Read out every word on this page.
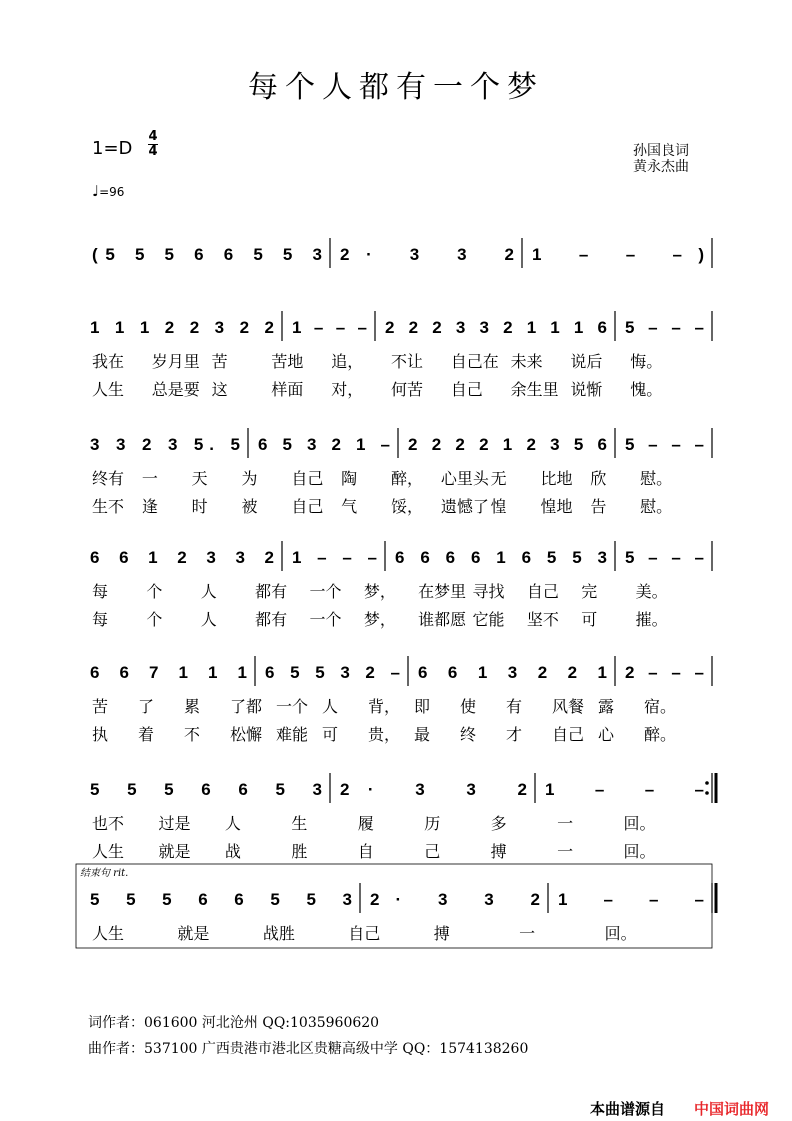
每个人都有一个梦
1=D
4
4
♩=96
孙国良词
黄永杰曲
(5 5 5 6 6 5 5 3 2· 3 3 2 1 – – –)
1 1 1 2 2 3 2 2 1 – – – 2 2 2 3 3 2 1 1 1 6 5 – – –
我在 岁月里 苦	苦地 追， 不让 自己在 未来 说后 悔。
人生 总是要 这	样面 对， 何苦 自己 余生里 说惭 愧。
3 3 2 3 5. 5 6 5 3 2 1 – 2 2 2 2 1 2 3 5 6 5 – – –
终有 一 天 为 自己 陶 醉， 心里头 无 比地 欣 慰。
生不 逢 时 被 自己 气 馁， 遗憾了 惶 惶地 告 慰。
6 6 1 2 3 3 2 1 – – – 6 6 6 6 1 6 5 5 3 5 – – –
每 个 人 都有 一个 梦， 在梦里 寻找 自己 完 美。
每 个 人 都有 一个 梦， 谁都愿 它能 坚不 可 摧。
6 6 7 1 1 1 6 5 5 3 2 – 6 6 1 3 2 2 1 2 – – –
苦 了 累 了都 一个 人 背， 即 使 有 风餐 露 宿。
执 着 不 松懈 难能 可 贵， 最 终 才 自己 心 醉。
5 5 5 6 6 5 3 2· 3 3 2 1 – – –
也不 过是 人	生	履	历	多	一	回。
人生 就是 战	胜	自	己	搏	一	回。
5 5 5 6 6 5 5 3 2· 3 3 2 1 – – –
人生	就是	战胜	自己	搏	一	回。
结束句 rit.
词作者：061600 河北沧州 QQ:1035960620
曲作者：537100 广西贵港市港北区贵糖高级中学 QQ：1574138260
本曲谱源自 中国词曲网
